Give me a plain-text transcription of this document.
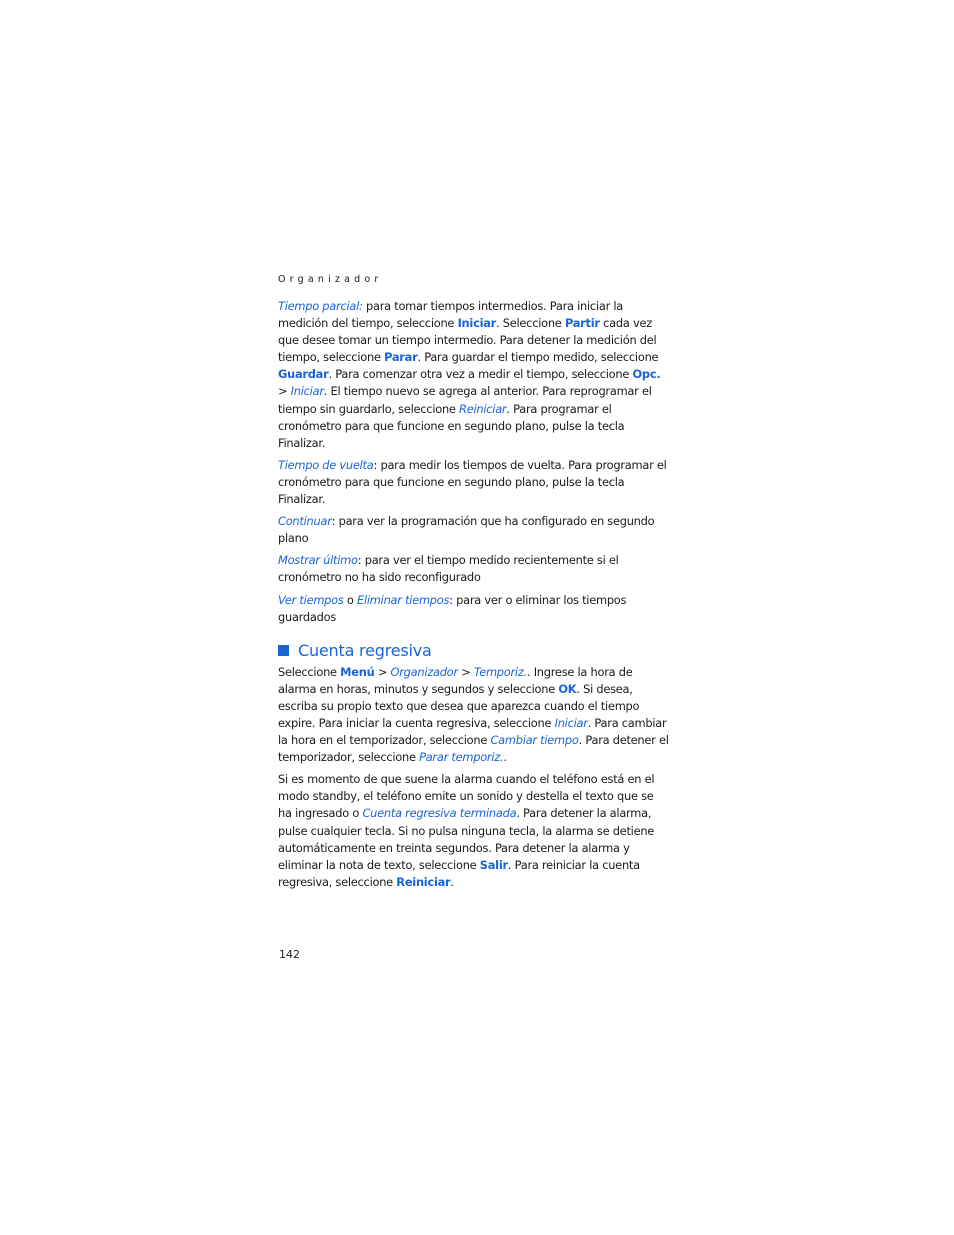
Organizador

Tiempo parcial: para tomar tiempos intermedios. Para iniciar la medición del tiempo, seleccione Iniciar. Seleccione Partir cada vez que desee tomar un tiempo intermedio. Para detener la medición del tiempo, seleccione Parar. Para guardar el tiempo medido, seleccione Guardar. Para comenzar otra vez a medir el tiempo, seleccione Opc. > Iniciar. El tiempo nuevo se agrega al anterior. Para reprogramar el tiempo sin guardarlo, seleccione Reiniciar. Para programar el cronómetro para que funcione en segundo plano, pulse la tecla Finalizar.

Tiempo de vuelta: para medir los tiempos de vuelta. Para programar el cronómetro para que funcione en segundo plano, pulse la tecla Finalizar.

Continuar: para ver la programación que ha configurado en segundo plano

Mostrar último: para ver el tiempo medido recientemente si el cronómetro no ha sido reconfigurado

Ver tiempos o Eliminar tiempos: para ver o eliminar los tiempos guardados

Cuenta regresiva

Seleccione Menú > Organizador > Temporiz.. Ingrese la hora de alarma en horas, minutos y segundos y seleccione OK. Si desea, escriba su propio texto que desea que aparezca cuando el tiempo expire. Para iniciar la cuenta regresiva, seleccione Iniciar. Para cambiar la hora en el temporizador, seleccione Cambiar tiempo. Para detener el temporizador, seleccione Parar temporiz..

Si es momento de que suene la alarma cuando el teléfono está en el modo standby, el teléfono emite un sonido y destella el texto que se ha ingresado o Cuenta regresiva terminada. Para detener la alarma, pulse cualquier tecla. Si no pulsa ninguna tecla, la alarma se detiene automáticamente en treinta segundos. Para detener la alarma y eliminar la nota de texto, seleccione Salir. Para reiniciar la cuenta regresiva, seleccione Reiniciar.

142
